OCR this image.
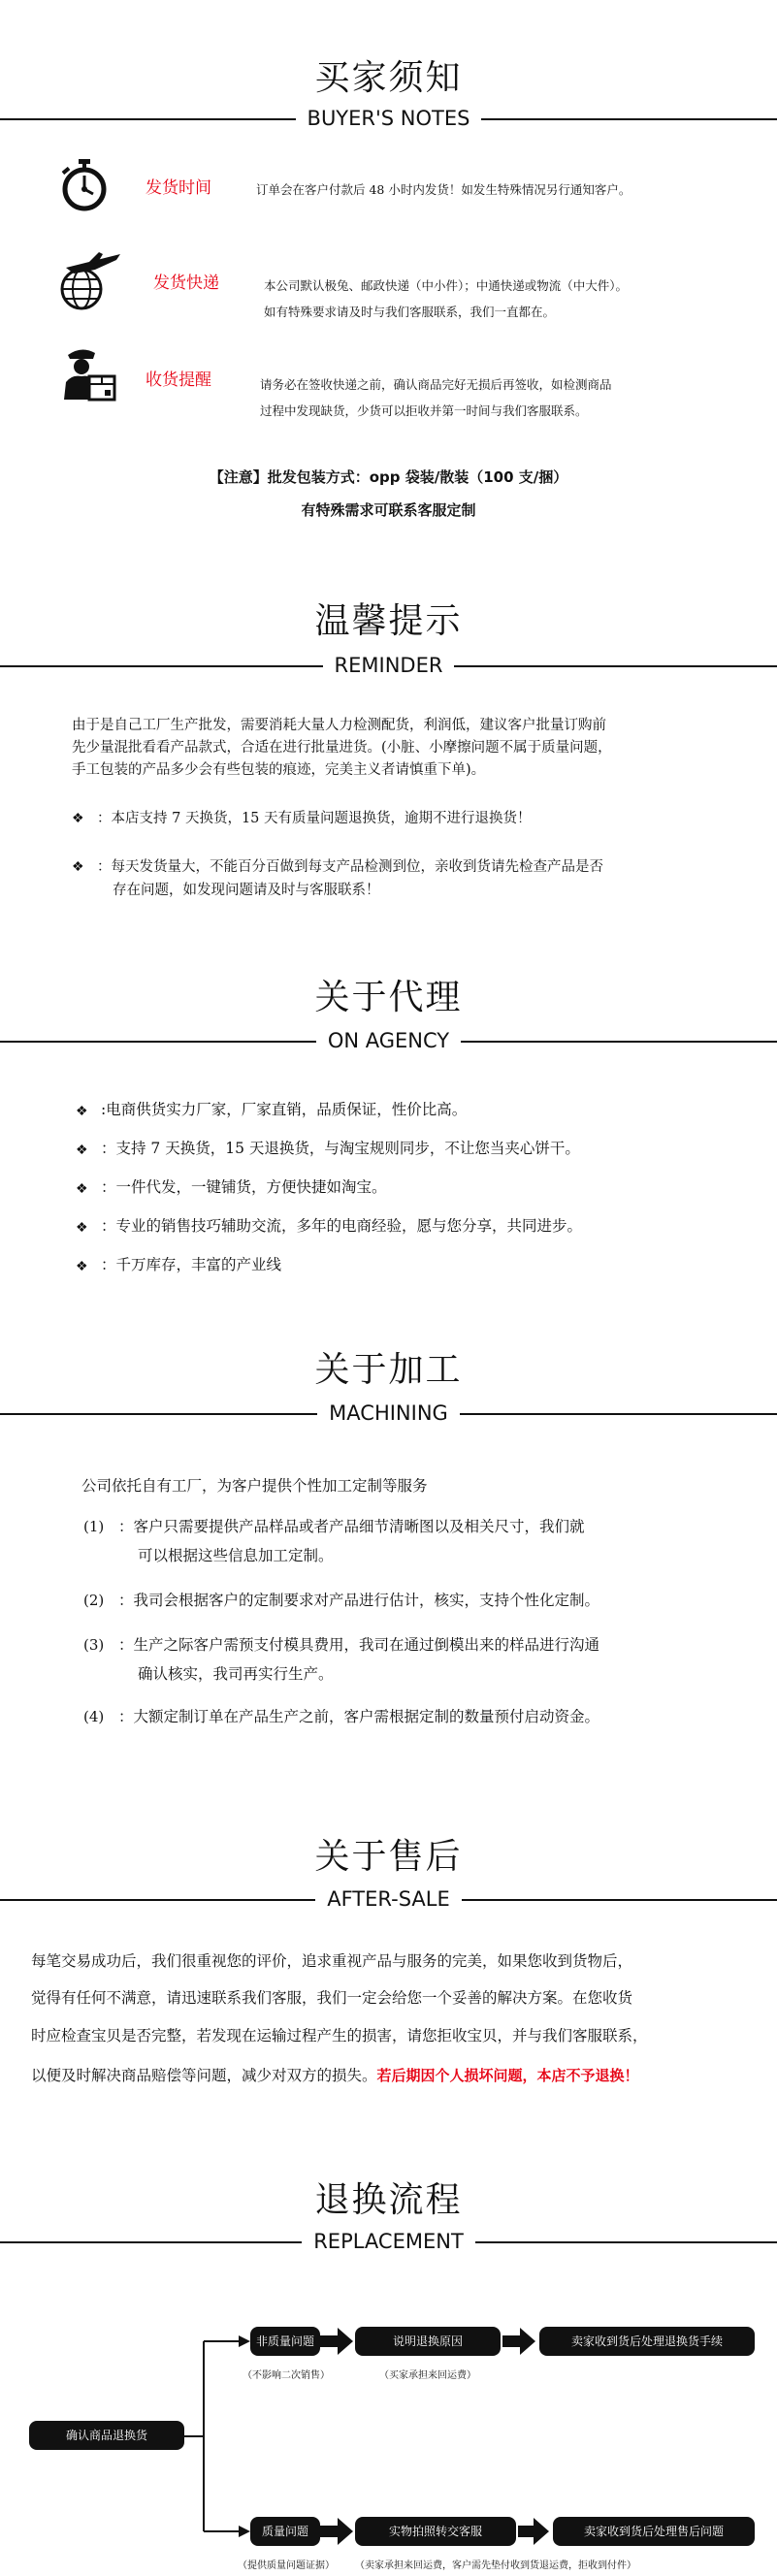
买家须知
BUYER'S NOTES
发货时间	订单会在客户付款后 48 小时内发货！如发生特殊情况另行通知客户。
发货快递	本公司默认极兔、邮政快递（中小件）；中通快递或物流（中大件）。
如有特殊要求请及时与我们客服联系，我们一直都在。
收货提醒	请务必在签收快递之前，确认商品完好无损后再签收，如检测商品
过程中发现缺货，少货可以拒收并第一时间与我们客服联系。
【注意】批发包装方式：opp 袋装/散装（100 支/捆）
有特殊需求可联系客服定制
温馨提示
REMINDER
由于是自己工厂生产批发，需要消耗大量人力检测配货，利润低，建议客户批量订购前
先少量混批看看产品款式，合适在进行批量进货。(小脏、小摩擦问题不属于质量问题，
手工包装的产品多少会有些包装的痕迹，完美主义者请慎重下单)。
❖ ：本店支持 7 天换货，15 天有质量问题退换货，逾期不进行退换货！
❖ ：每天发货量大，不能百分百做到每支产品检测到位，亲收到货请先检查产品是否
存在问题，如发现问题请及时与客服联系！
关于代理
ON AGENCY
❖ :电商供货实力厂家，厂家直销，品质保证，性价比高。
❖ ：支持 7 天换货，15 天退换货，与淘宝规则同步，不让您当夹心饼干。
❖ ：一件代发，一键铺货，方便快捷如淘宝。
❖ ：专业的销售技巧辅助交流，多年的电商经验，愿与您分享，共同进步。
❖ ：千万库存，丰富的产业线
关于加工
MACHINING
公司依托自有工厂，为客户提供个性加工定制等服务
(1) ：客户只需要提供产品样品或者产品细节清晰图以及相关尺寸，我们就
可以根据这些信息加工定制。
(2) ：我司会根据客户的定制要求对产品进行估计，核实，支持个性化定制。
(3) ：生产之际客户需预支付模具费用，我司在通过倒模出来的样品进行沟通
确认核实，我司再实行生产。
(4) ：大额定制订单在产品生产之前，客户需根据定制的数量预付启动资金。
关于售后
AFTER-SALE
每笔交易成功后，我们很重视您的评价，追求重视产品与服务的完美，如果您收到货物后，
觉得有任何不满意，请迅速联系我们客服，我们一定会给您一个妥善的解决方案。在您收货
时应检查宝贝是否完整，若发现在运输过程产生的损害，请您拒收宝贝，并与我们客服联系，
以便及时解决商品赔偿等问题，减少对双方的损失。若后期因个人损坏问题，本店不予退换！
退换流程
REPLACEMENT
确认商品退换货
非质量问题
（不影响二次销售）
说明退换原因
（买家承担来回运费）
卖家收到货后处理退换货手续
质量问题
（提供质量问题证据）
实物拍照转交客服
（卖家承担来回运费，客户需先垫付收到货退运费，拒收到付件）
卖家收到货后处理售后问题
